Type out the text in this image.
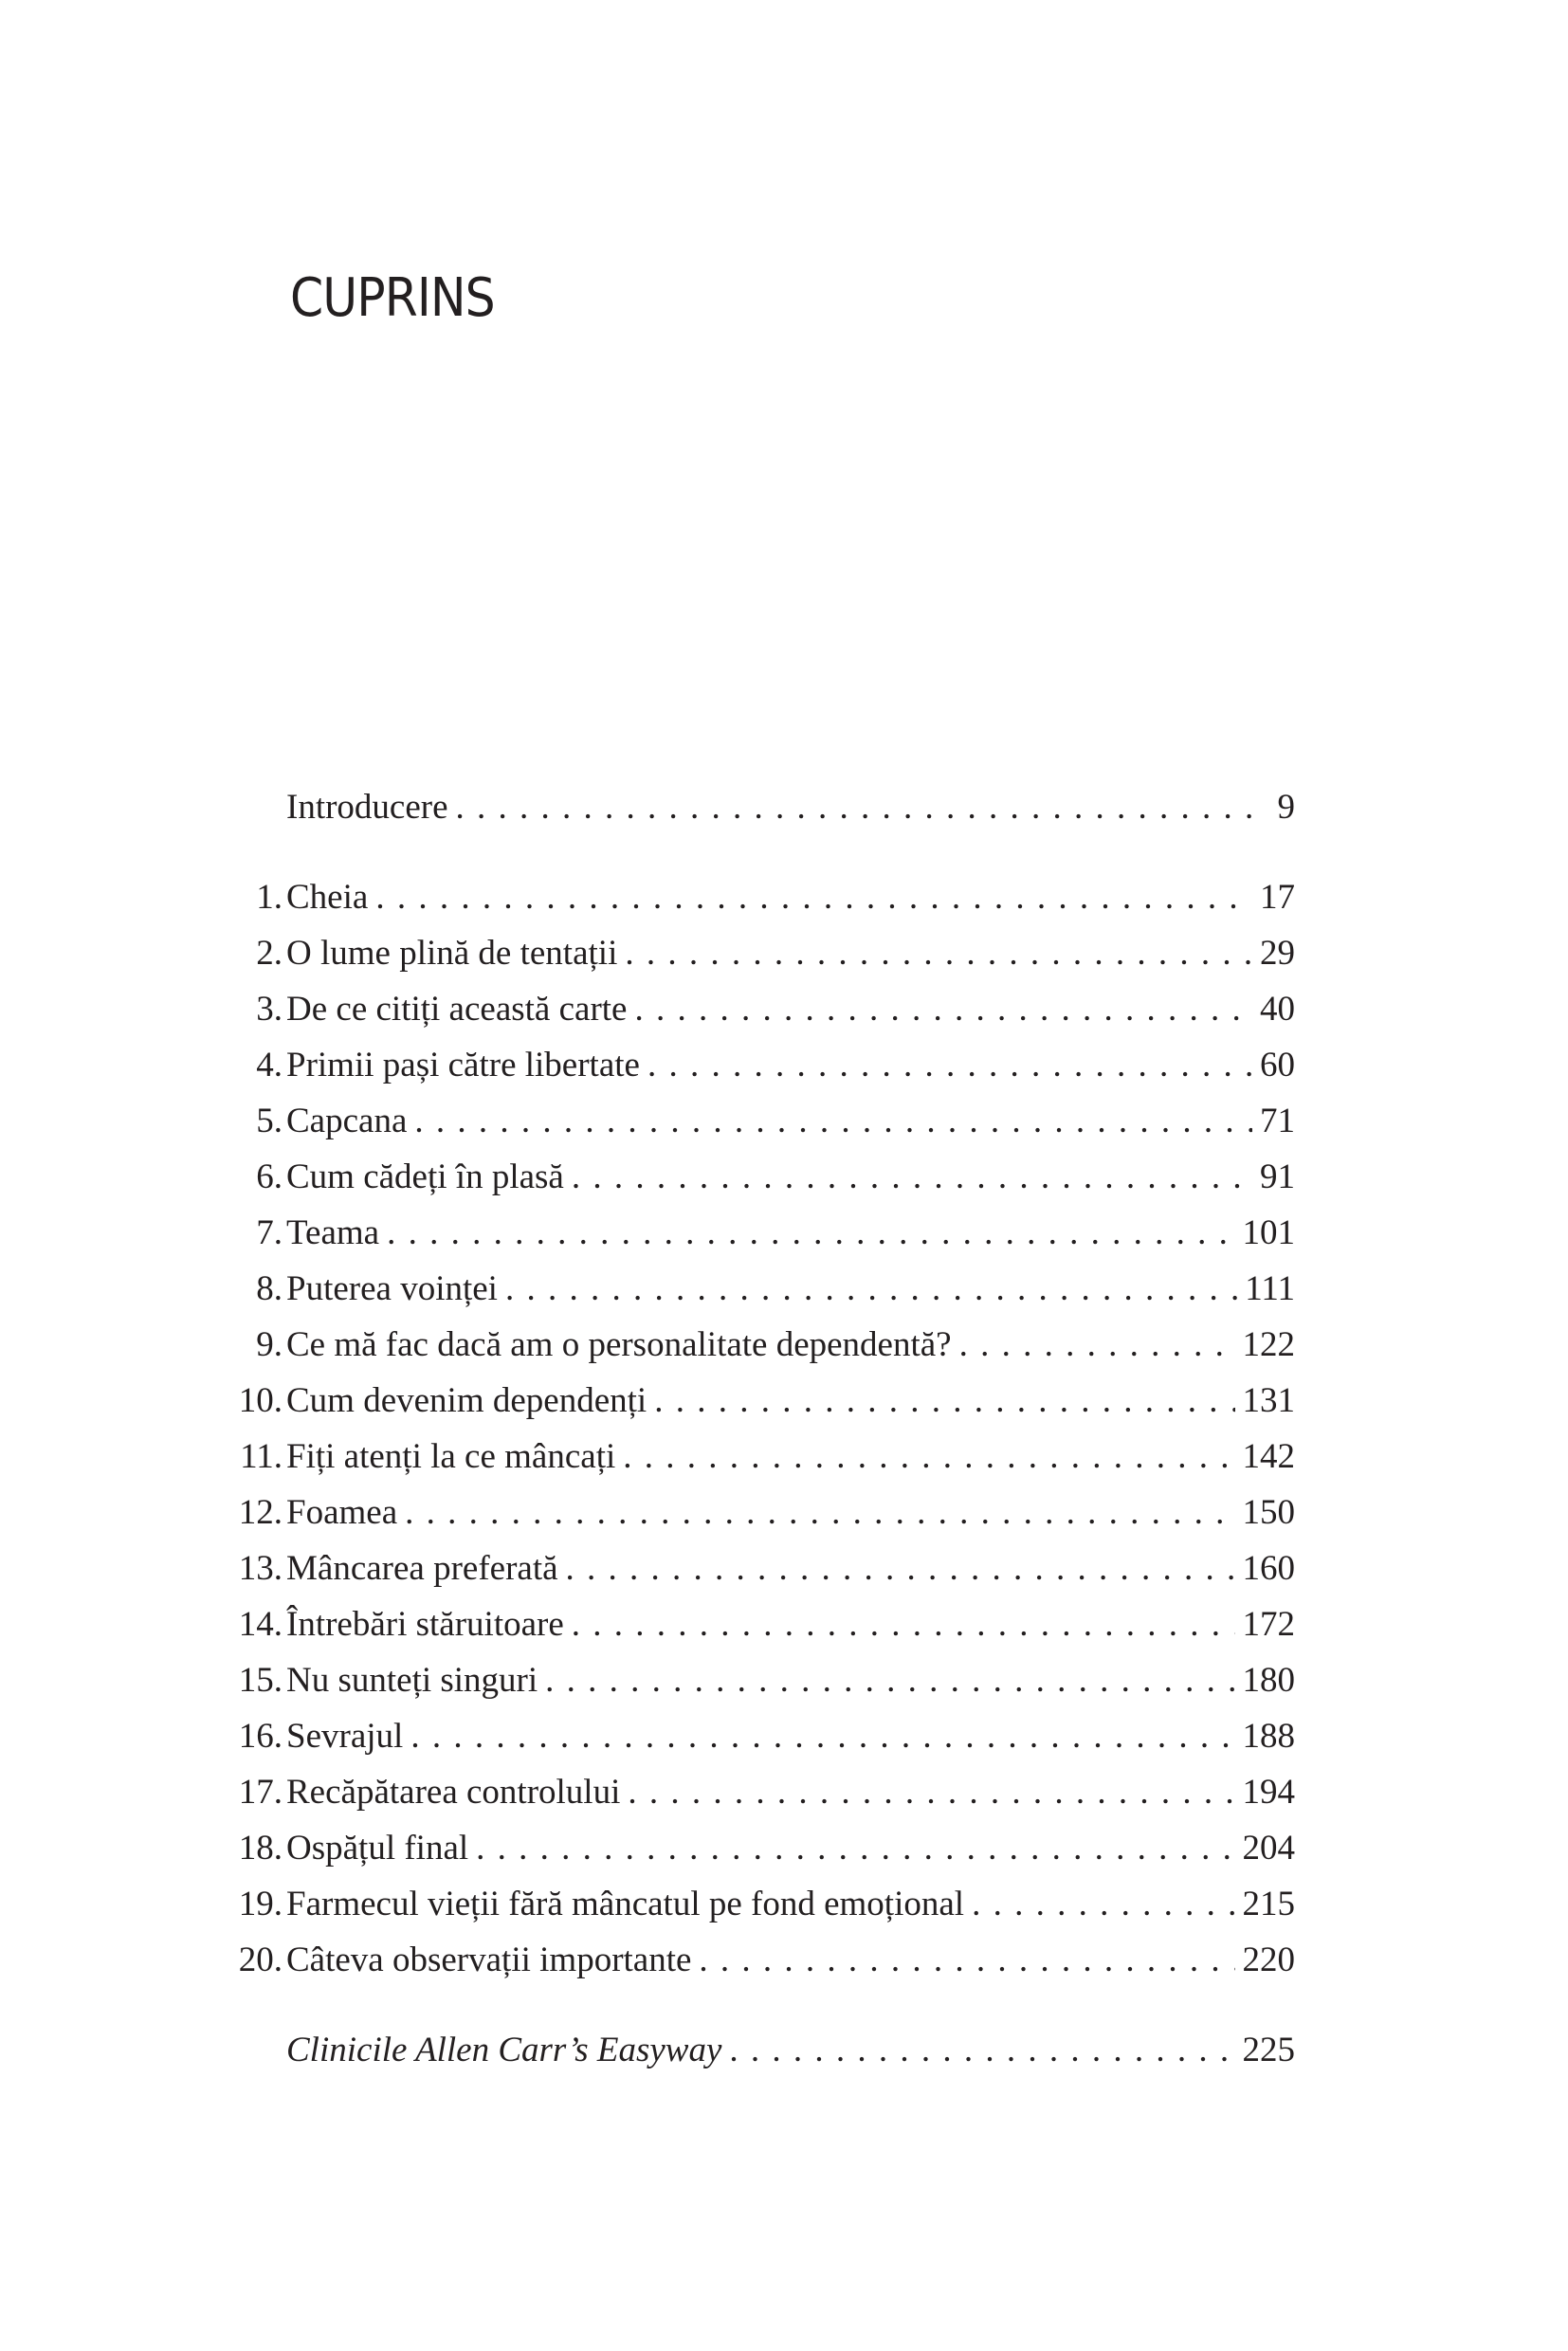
CUPRINS
Introducere . . .	9
1. Cheia . . .	17
2. O lume plină de tentații . . .	29
3. De ce citiți această carte . . .	40
4. Primii pași către libertate . . .	60
5. Capcana . . .	71
6. Cum cădeți în plasă . . .	91
7. Teama . . .	101
8. Puterea voinței . . .	111
9. Ce mă fac dacă am o personalitate dependentă? . . .	122
10. Cum devenim dependenți . . .	131
11. Fiți atenți la ce mâncați . . .	142
12. Foamea . . .	150
13. Mâncarea preferată . . .	160
14. Întrebări stăruitoare . . .	172
15. Nu sunteți singuri . . .	180
16. Sevrajul . . .	188
17. Recăpătarea controlului . . .	194
18. Ospățul final . . .	204
19. Farmecul vieții fără mâncatul pe fond emoțional . . .	215
20. Câteva observații importante . . .	220
Clinicile Allen Carr’s Easyway . . .	225
